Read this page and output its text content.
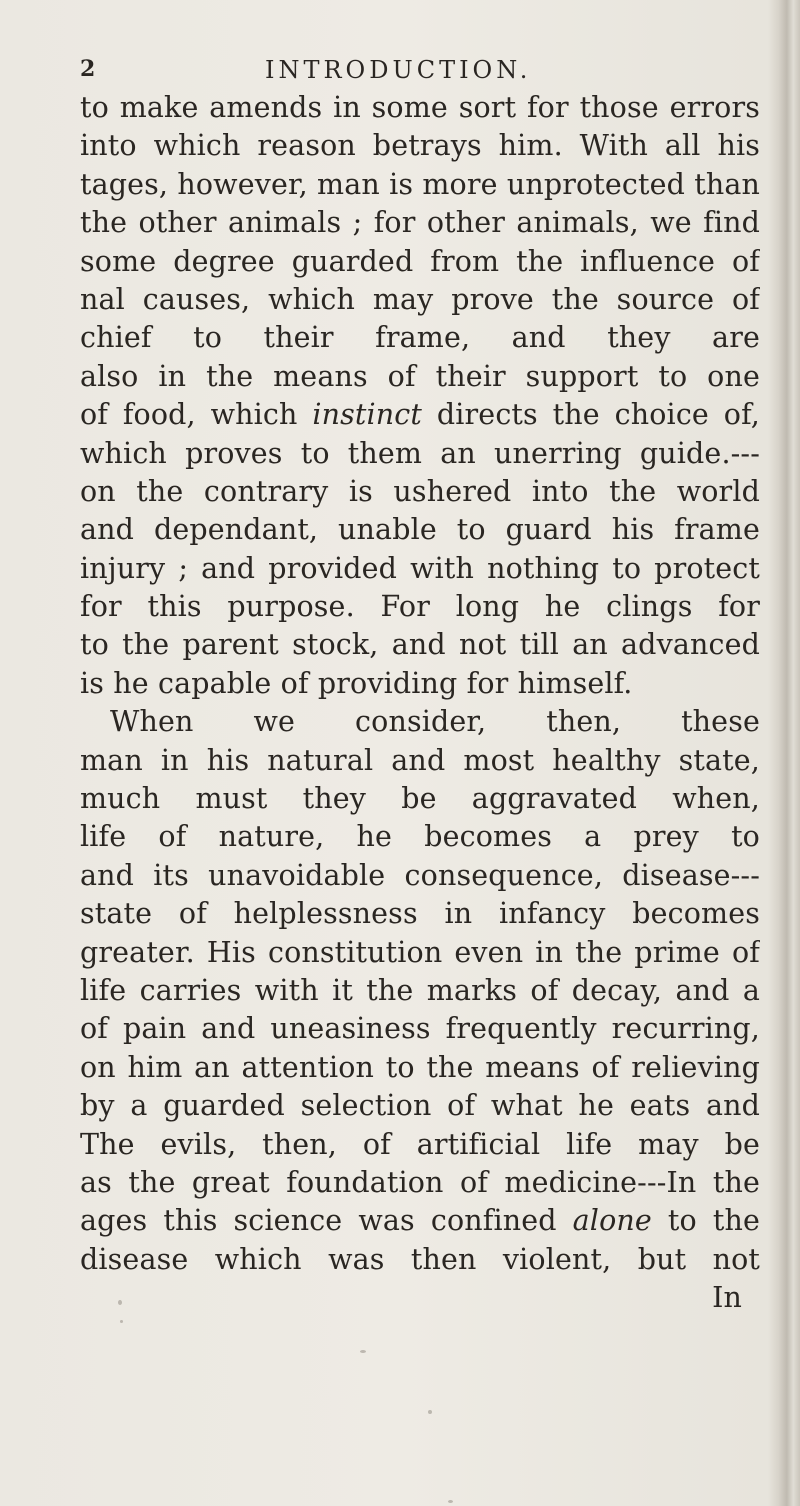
2	INTRODUCTION.
to make amends in some sort for those errors
into which reason betrays him. With all his
tages, however, man is more unprotected than
the other animals ; for other animals, we find
some degree guarded from the influence of
nal causes, which may prove the source of
chief to their frame, and they are
also in the means of their support to one
of food, which instinct directs the choice of,
which proves to them an unerring guide.---
on the contrary is ushered into the world
and dependant, unable to guard his frame
injury ; and provided with nothing to protect
for this purpose. For long he clings for
to the parent stock, and not till an advanced
is he capable of providing for himself.
When we consider, then, these
man in his natural and most healthy state,
much must they be aggravated when,
life of nature, he becomes a prey to
and its unavoidable consequence, disease---
state of helplessness in infancy becomes
greater. His constitution even in the prime of
life carries with it the marks of decay, and a
of pain and uneasiness frequently recurring,
on him an attention to the means of relieving
by a guarded selection of what he eats and
The evils, then, of artificial life may be
as the great foundation of medicine---In the
ages this science was confined alone to the
disease which was then violent, but not
In
